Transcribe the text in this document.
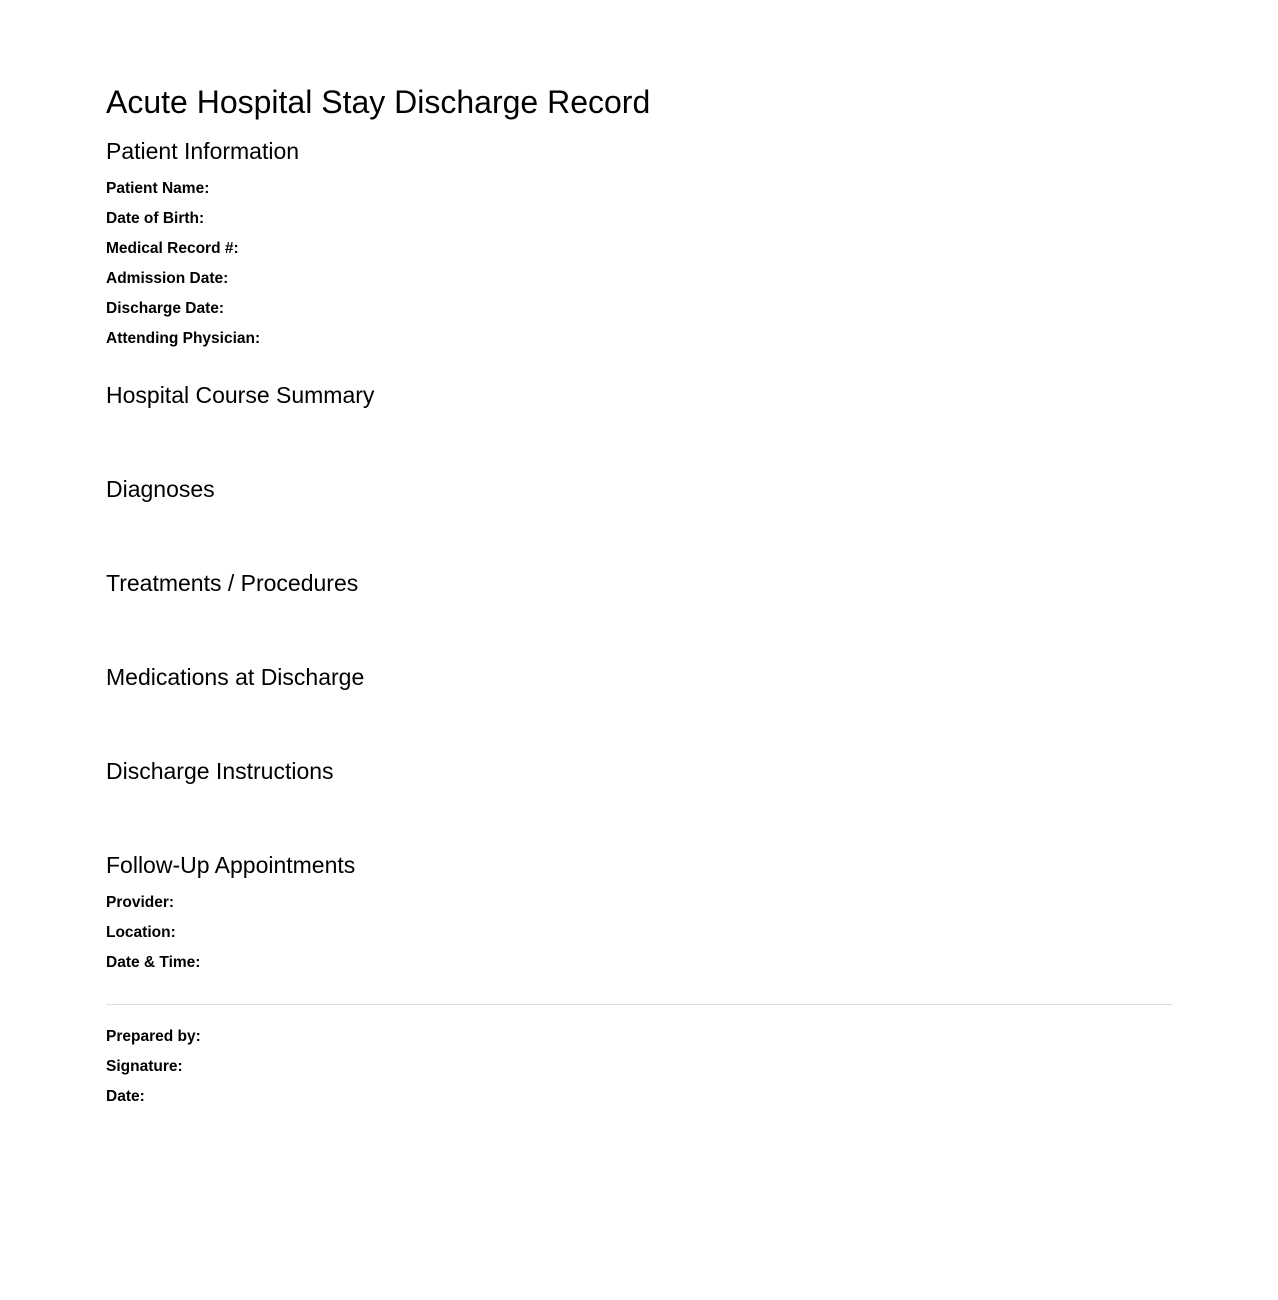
Acute Hospital Stay Discharge Record
Patient Information
Patient Name:
Date of Birth:
Medical Record #:
Admission Date:
Discharge Date:
Attending Physician:
Hospital Course Summary
Diagnoses
Treatments / Procedures
Medications at Discharge
Discharge Instructions
Follow-Up Appointments
Provider:
Location:
Date & Time:
Prepared by:
Signature:
Date:
